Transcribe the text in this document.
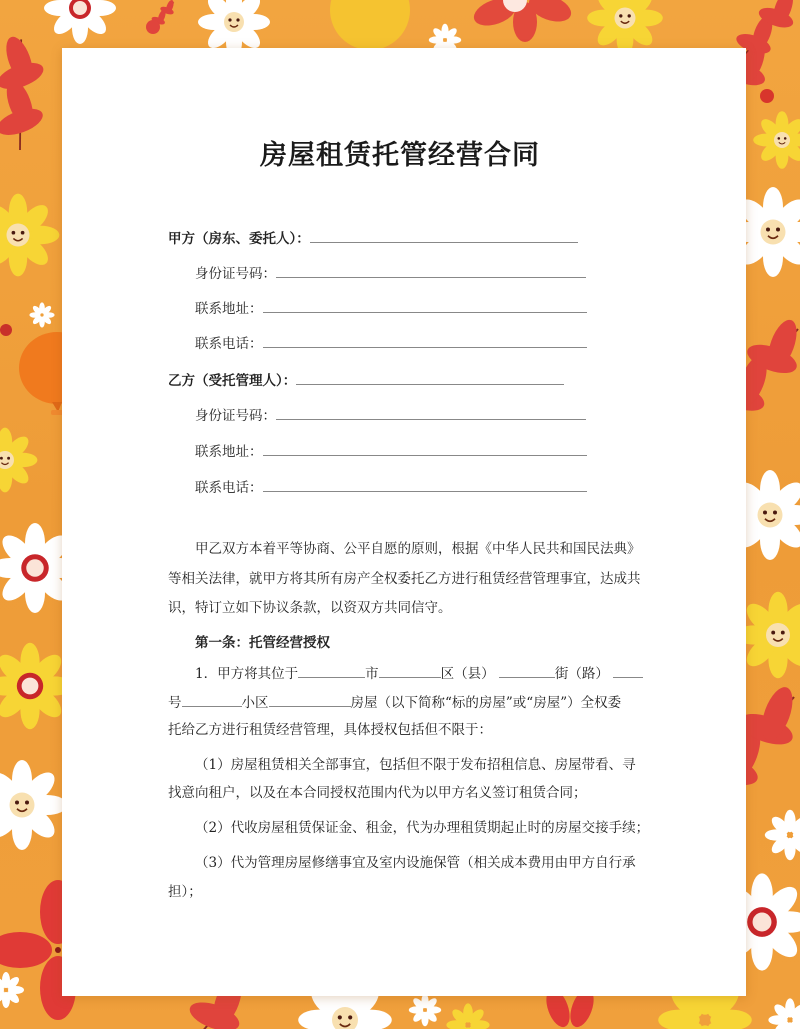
房屋租赁托管经营合同
甲方（房东、委托人）：
身份证号码：
联系地址：
联系电话：
乙方（受托管理人）：
身份证号码：
联系地址：
联系电话：
甲乙双方本着平等协商、公平自愿的原则，根据《中华人民共和国民法典》
等相关法律，就甲方将其所有房产全权委托乙方进行租赁经营管理事宜，达成共
识，特订立如下协议条款，以资双方共同信守。
第一条：托管经营授权
1．甲方将其位于	市	区（县）	街（路）
号	小区	房屋（以下简称“标的房屋”或“房屋”）全权委
托给乙方进行租赁经营管理，具体授权包括但不限于：
（1）房屋租赁相关全部事宜，包括但不限于发布招租信息、房屋带看、寻
找意向租户，以及在本合同授权范围内代为以甲方名义签订租赁合同；
（2）代收房屋租赁保证金、租金，代为办理租赁期起止时的房屋交接手续；
（3）代为管理房屋修缮事宜及室内设施保管（相关成本费用由甲方自行承
担）；
